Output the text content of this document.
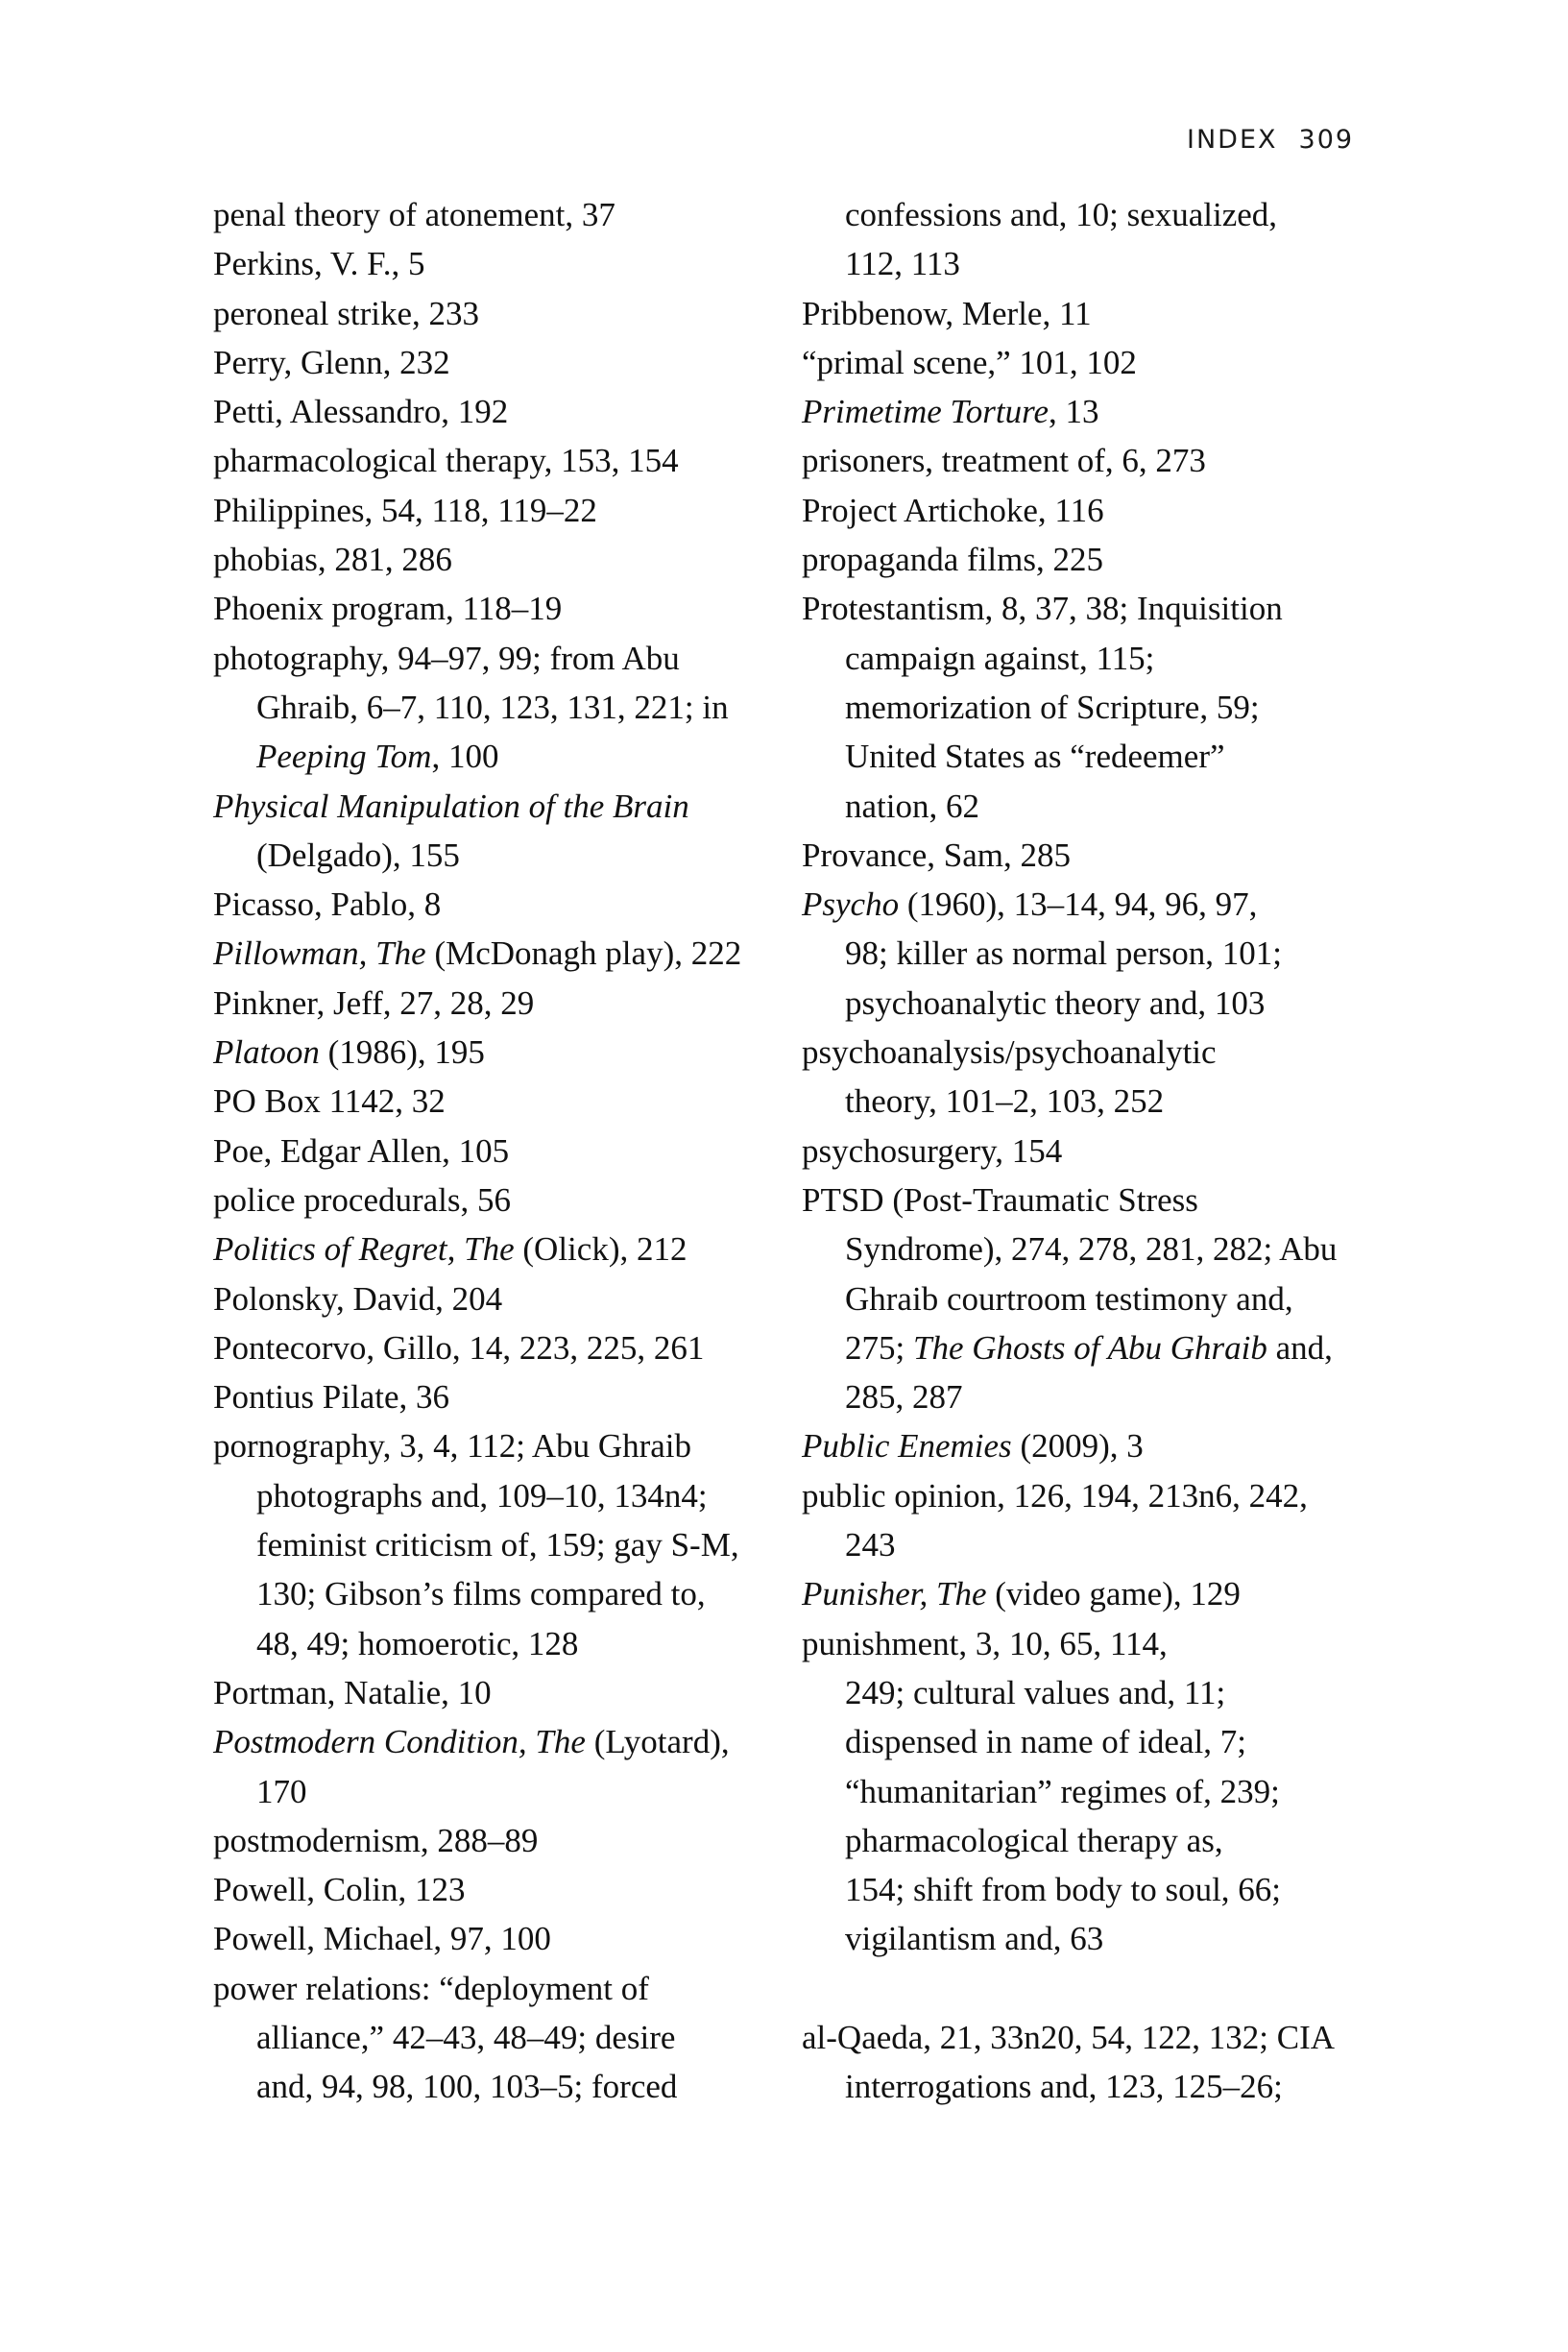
INDEX 309
penal theory of atonement, 37
Perkins, V. F., 5
peroneal strike, 233
Perry, Glenn, 232
Petti, Alessandro, 192
pharmacological therapy, 153, 154
Philippines, 54, 118, 119–22
phobias, 281, 286
Phoenix program, 118–19
photography, 94–97, 99; from Abu
Ghraib, 6–7, 110, 123, 131, 221; in
Peeping Tom, 100
Physical Manipulation of the Brain
(Delgado), 155
Picasso, Pablo, 8
Pillowman, The (McDonagh play), 222
Pinkner, Jeff, 27, 28, 29
Platoon (1986), 195
PO Box 1142, 32
Poe, Edgar Allen, 105
police procedurals, 56
Politics of Regret, The (Olick), 212
Polonsky, David, 204
Pontecorvo, Gillo, 14, 223, 225, 261
Pontius Pilate, 36
pornography, 3, 4, 112; Abu Ghraib
photographs and, 109–10, 134n4;
feminist criticism of, 159; gay S-M,
130; Gibson’s films compared to,
48, 49; homoerotic, 128
Portman, Natalie, 10
Postmodern Condition, The (Lyotard),
170
postmodernism, 288–89
Powell, Colin, 123
Powell, Michael, 97, 100
power relations: “deployment of
alliance,” 42–43, 48–49; desire
and, 94, 98, 100, 103–5; forced
confessions and, 10; sexualized,
112, 113
Pribbenow, Merle, 11
“primal scene,” 101, 102
Primetime Torture, 13
prisoners, treatment of, 6, 273
Project Artichoke, 116
propaganda films, 225
Protestantism, 8, 37, 38; Inquisition
campaign against, 115;
memorization of Scripture, 59;
United States as “redeemer”
nation, 62
Provance, Sam, 285
Psycho (1960), 13–14, 94, 96, 97,
98; killer as normal person, 101;
psychoanalytic theory and, 103
psychoanalysis/psychoanalytic
theory, 101–2, 103, 252
psychosurgery, 154
PTSD (Post-Traumatic Stress
Syndrome), 274, 278, 281, 282; Abu
Ghraib courtroom testimony and,
275; The Ghosts of Abu Ghraib and,
285, 287
Public Enemies (2009), 3
public opinion, 126, 194, 213n6, 242,
243
Punisher, The (video game), 129
punishment, 3, 10, 65, 114,
249; cultural values and, 11;
dispensed in name of ideal, 7;
“humanitarian” regimes of, 239;
pharmacological therapy as,
154; shift from body to soul, 66;
vigilantism and, 63
al-Qaeda, 21, 33n20, 54, 122, 132; CIA
interrogations and, 123, 125–26;
